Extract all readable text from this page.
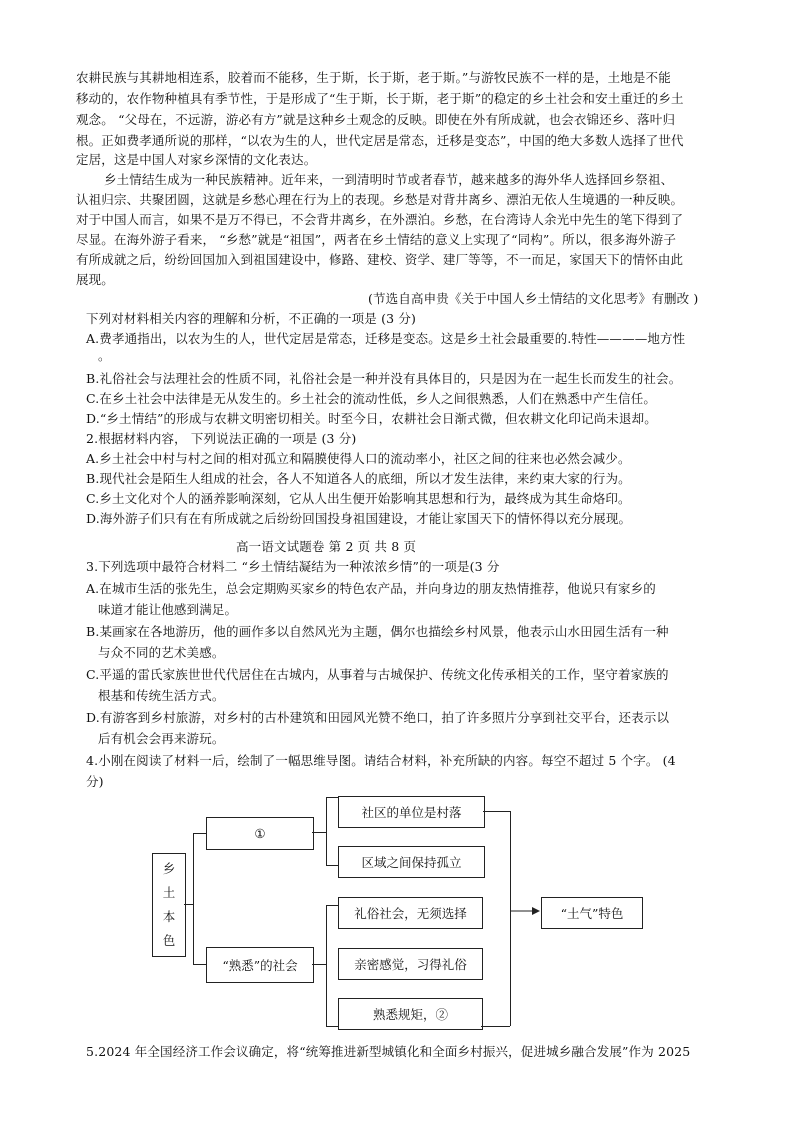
农耕民族与其耕地相连系，胶着而不能移，生于斯，长于斯，老于斯。”与游牧民族不一样的是，土地是不能
移动的，农作物种植具有季节性，于是形成了“生于斯，长于斯，老于斯”的稳定的乡土社会和安土重迁的乡土
观念。 “父母在，不远游，游必有方”就是这种乡土观念的反映。即使在外有所成就，也会衣锦还乡、落叶归
根。正如费孝通所说的那样，“以农为生的人，世代定居是常态，迁移是变态”，中国的绝大多数人选择了世代
定居，这是中国人对家乡深情的文化表达。
乡土情结生成为一种民族精神。近年来，一到清明时节或者春节，越来越多的海外华人选择回乡祭祖、
认祖归宗、共聚团圆，这就是乡愁心理在行为上的表现。乡愁是对背井离乡、漂泊无依人生境遇的一种反映。
对于中国人而言，如果不是万不得已，不会背井离乡，在外漂泊。乡愁，在台湾诗人余光中先生的笔下得到了
尽显。在海外游子看来， “乡愁”就是“祖国”，两者在乡土情结的意义上实现了“同构”。所以，很多海外游子
有所成就之后，纷纷回国加入到祖国建设中，修路、建校、资学、建厂等等，不一而足，家国天下的情怀由此
展现。
(节选自高申贵《关于中国人乡土情结的文化思考》有删改 )
下列对材料相关内容的理解和分析，不正确的一项是 (3 分)
A.费孝通指出，以农为生的人，世代定居是常态，迁移是变态。这是乡土社会最重要的.特性————地方性
。
B.礼俗社会与法理社会的性质不同，礼俗社会是一种并没有具体目的，只是因为在一起生长而发生的社会。
C.在乡土社会中法律是无从发生的。乡土社会的流动性低，乡人之间很熟悉，人们在熟悉中产生信任。
D.“乡土情结”的形成与农耕文明密切相关。时至今日，农耕社会日渐式微，但农耕文化印记尚未退却。
2.根据材料内容， 下列说法正确的一项是 (3 分)
A.乡土社会中村与村之间的相对孤立和隔膜使得人口的流动率小，社区之间的往来也必然会减少。
B.现代社会是陌生人组成的社会，各人不知道各人的底细，所以才发生法律，来约束大家的行为。
C.乡土文化对个人的涵养影响深刻，它从人出生便开始影响其思想和行为，最终成为其生命烙印。
D.海外游子们只有在有所成就之后纷纷回国投身祖国建设，才能让家国天下的情怀得以充分展现。
高一语文试题卷 第 2 页 共 8 页
3.下列选项中最符合材料二 “乡土情结凝结为一种浓浓乡情”的一项是(3 分
A.在城市生活的张先生，总会定期购买家乡的特色农产品，并向身边的朋友热情推荐，他说只有家乡的
味道才能让他感到满足。
B.某画家在各地游历，他的画作多以自然风光为主题，偶尔也描绘乡村风景，他表示山水田园生活有一种
与众不同的艺术美感。
C.平遥的雷氏家族世世代代居住在古城内，从事着与古城保护、传统文化传承相关的工作，坚守着家族的
根基和传统生活方式。
D.有游客到乡村旅游，对乡村的古朴建筑和田园风光赞不绝口，拍了许多照片分享到社交平台，还表示以
后有机会会再来游玩。
4.小刚在阅读了材料一后，绘制了一幅思维导图。请结合材料，补充所缺的内容。每空不超过 5 个字。 (4
分)
乡
土
本
色
①
“熟悉”的社会
社区的单位是村落
区域之间保持孤立
礼俗社会，无须选择
亲密感觉，习得礼俗
熟悉规矩，②
“土气”特色
5.2024 年全国经济工作会议确定，将“统筹推进新型城镇化和全面乡村振兴，促进城乡融合发展”作为 2025
